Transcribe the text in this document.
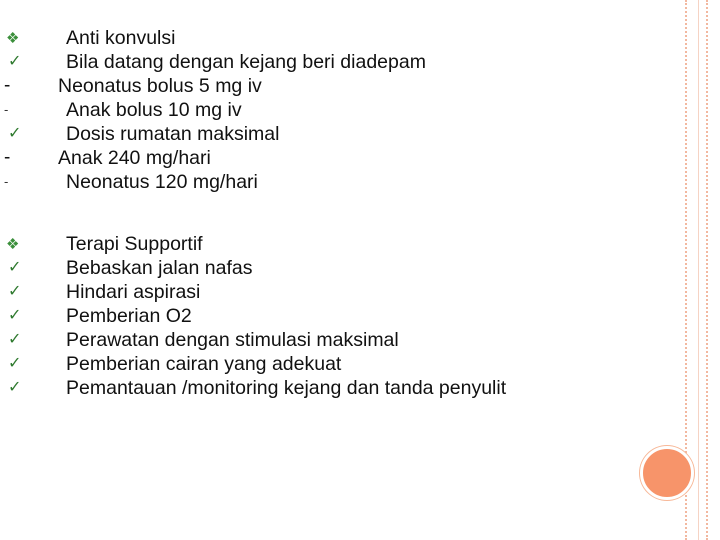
❖ Anti konvulsi
✓ Bila datang dengan kejang beri diadepam
- Neonatus bolus 5 mg iv
-	Anak bolus 10 mg iv
✓ Dosis rumatan maksimal
- Anak 240 mg/hari
-	Neonatus 120 mg/hari
❖ Terapi Supportif
✓ Bebaskan jalan nafas
✓ Hindari aspirasi
✓ Pemberian O2
✓ Perawatan dengan stimulasi maksimal
✓ Pemberian cairan yang adekuat
✓ Pemantauan /monitoring kejang dan tanda penyulit
